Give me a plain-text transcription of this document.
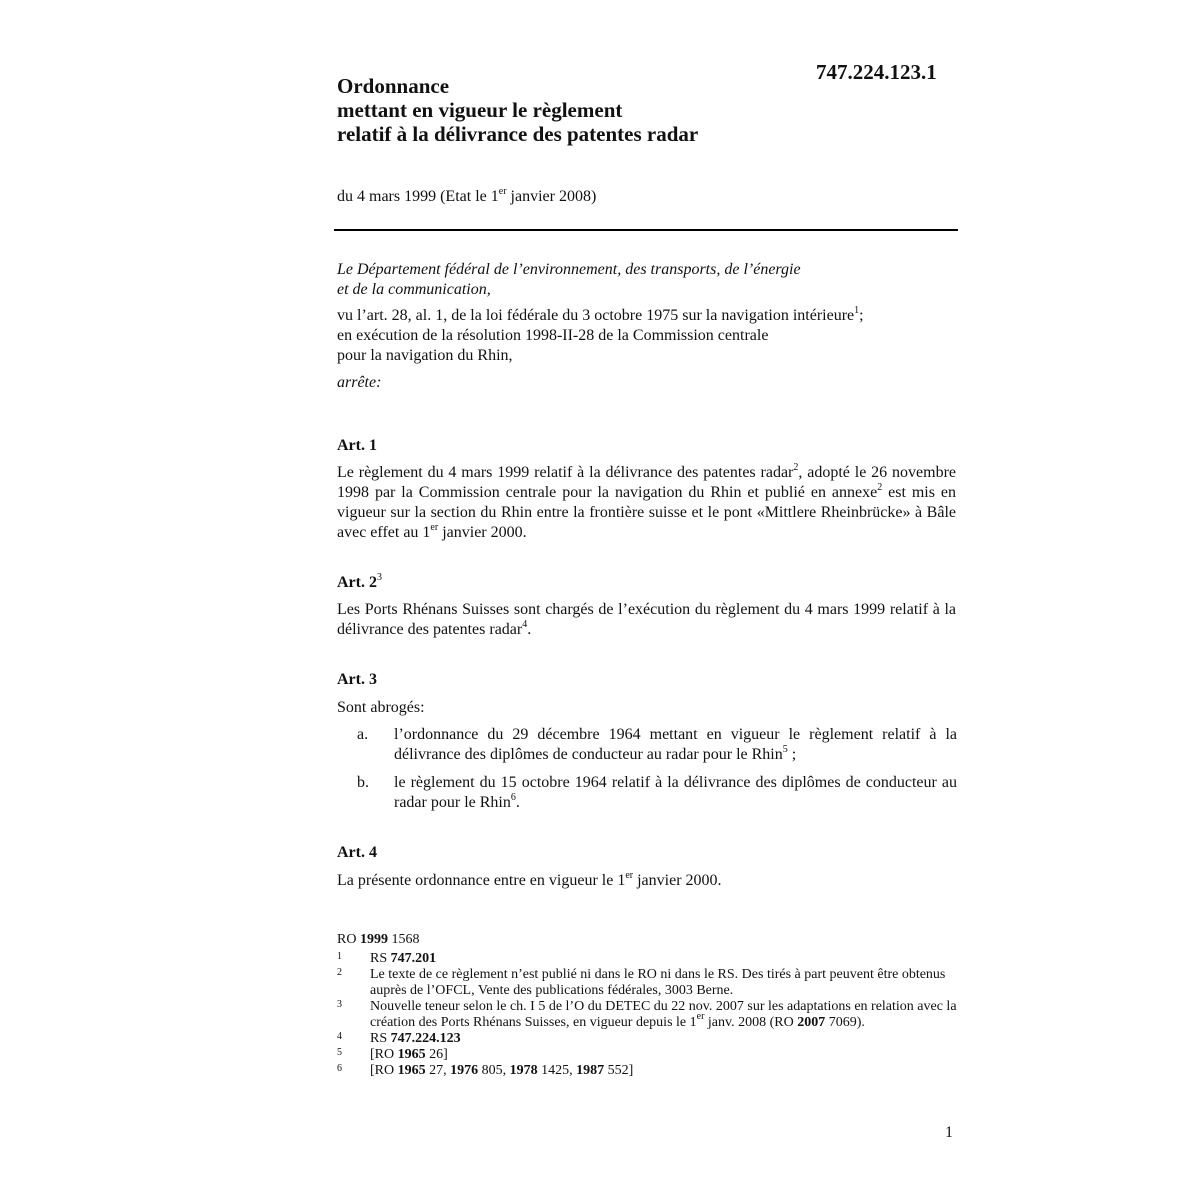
747.224.123.1
Ordonnance
mettant en vigueur le règlement
relatif à la délivrance des patentes radar
du 4 mars 1999 (Etat le 1er janvier 2008)
Le Département fédéral de l’environnement, des transports, de l’énergie
et de la communication,
vu l’art. 28, al. 1, de la loi fédérale du 3 octobre 1975 sur la navigation intérieure$^1$;
en exécution de la résolution 1998-II-28 de la Commission centrale
pour la navigation du Rhin,
arrête:
Art. 1
Le règlement du 4 mars 1999 relatif à la délivrance des patentes radar$^2$, adopté le 26 novembre 1998 par la Commission centrale pour la navigation du Rhin et publié en annexe$^2$ est mis en vigueur sur la section du Rhin entre la frontière suisse et le pont «Mittlere Rheinbrücke» à Bâle avec effet au 1er janvier 2000.
Art. $2^3$
Les Ports Rhénans Suisses sont chargés de l’exécution du règlement du 4 mars 1999 relatif à la délivrance des patentes radar$^4$.
Art. 3
Sont abrogés:
a. l’ordonnance du 29 décembre 1964 mettant en vigueur le règlement relatif à la délivrance des diplômes de conducteur au radar pour le Rhin$^5$ ;
b. le règlement du 15 octobre 1964 relatif à la délivrance des diplômes de conducteur au radar pour le Rhin$^6$.
Art. 4
La présente ordonnance entre en vigueur le 1er janvier 2000.
RO 1999 1568
1 RS 747.201
2 Le texte de ce règlement n’est publié ni dans le RO ni dans le RS. Des tirés à part peuvent être obtenus auprès de l’OFCL, Vente des publications fédérales, 3003 Berne.
3 Nouvelle teneur selon le ch. I 5 de l’O du DETEC du 22 nov. 2007 sur les adaptations en relation avec la création des Ports Rhénans Suisses, en vigueur depuis le 1er janv. 2008 (RO 2007 7069).
4 RS 747.224.123
5 [RO 1965 26]
6 [RO 1965 27, 1976 805, 1978 1425, 1987 552]
1
